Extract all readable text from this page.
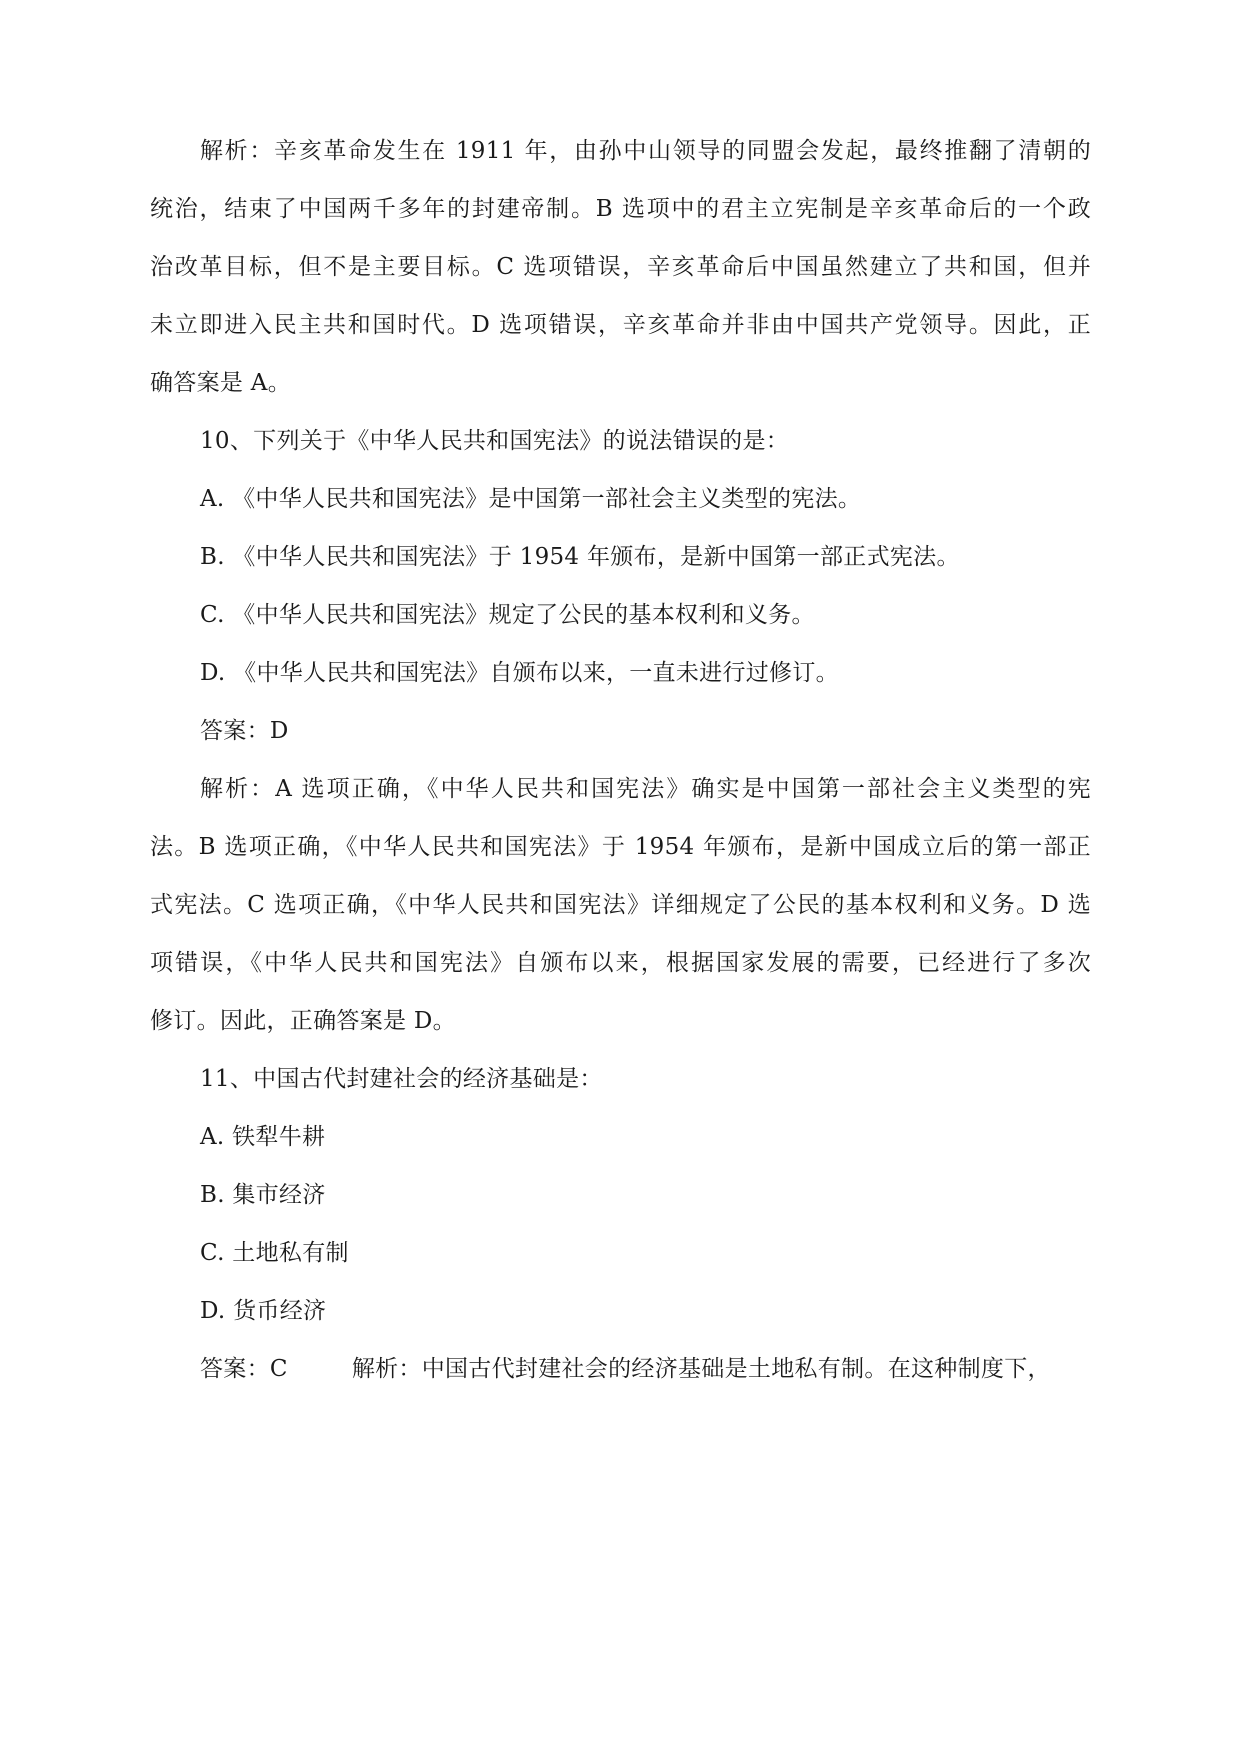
解析：辛亥革命发生在 1911 年，由孙中山领导的同盟会发起，最终推翻了清朝的
统治，结束了中国两千多年的封建帝制。B 选项中的君主立宪制是辛亥革命后的一个政
治改革目标，但不是主要目标。C 选项错误，辛亥革命后中国虽然建立了共和国，但并
未立即进入民主共和国时代。D 选项错误，辛亥革命并非由中国共产党领导。因此，正
确答案是 A。
10、下列关于《中华人民共和国宪法》的说法错误的是：
A. 《中华人民共和国宪法》是中国第一部社会主义类型的宪法。
B. 《中华人民共和国宪法》于 1954 年颁布，是新中国第一部正式宪法。
C. 《中华人民共和国宪法》规定了公民的基本权利和义务。
D. 《中华人民共和国宪法》自颁布以来，一直未进行过修订。
答案：D
解析：A 选项正确，《中华人民共和国宪法》确实是中国第一部社会主义类型的宪
法。B 选项正确，《中华人民共和国宪法》于 1954 年颁布，是新中国成立后的第一部正
式宪法。C 选项正确，《中华人民共和国宪法》详细规定了公民的基本权利和义务。D 选
项错误，《中华人民共和国宪法》自颁布以来，根据国家发展的需要，已经进行了多次
修订。因此，正确答案是 D。
11、中国古代封建社会的经济基础是：
A. 铁犁牛耕
B. 集市经济
C. 土地私有制
D. 货币经济
答案：C	解析：中国古代封建社会的经济基础是土地私有制。在这种制度下，
